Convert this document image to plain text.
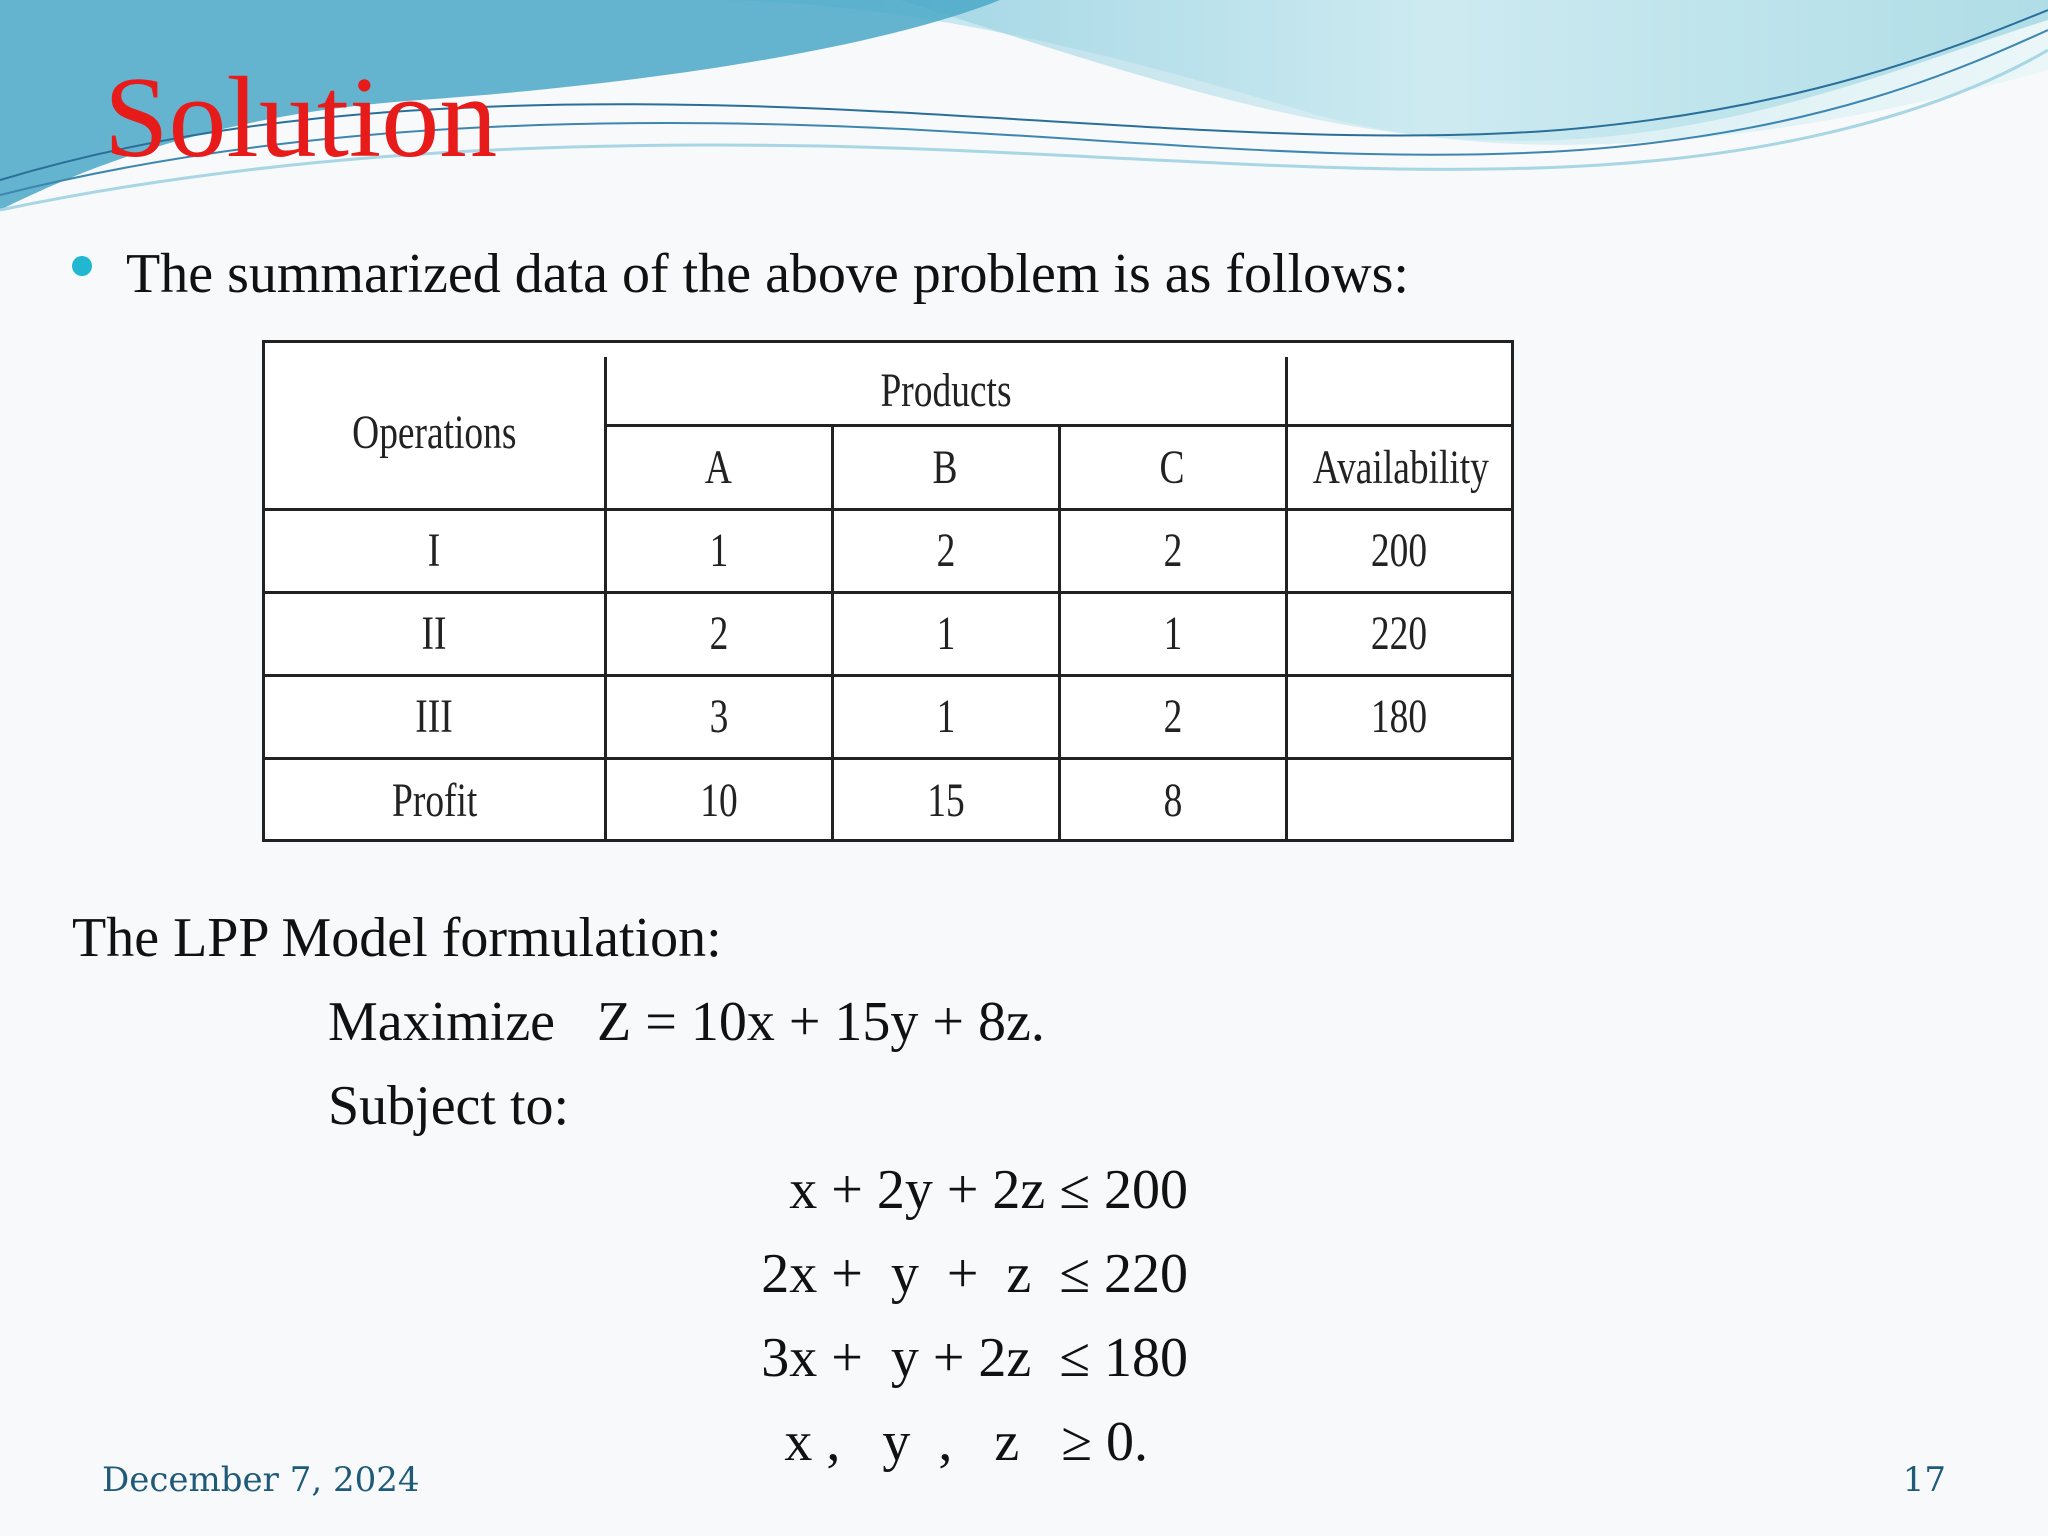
Solution
The summarized data of the above problem is as follows:
Operations	Products			
	A	B	C	Availability
I	1	2	2	200
II	2	1	1	220
III	3	1	2	180
Profit	10	15	8	
The LPP Model formulation:
Maximize   Z = 10x + 15y + 8z.
Subject to:
x + 2y + 2z ≤ 200
2x +  y  +  z  ≤ 220
3x +  y + 2z  ≤ 180
x ,   y  ,   z   ≥ 0.
December 7, 2024	17
